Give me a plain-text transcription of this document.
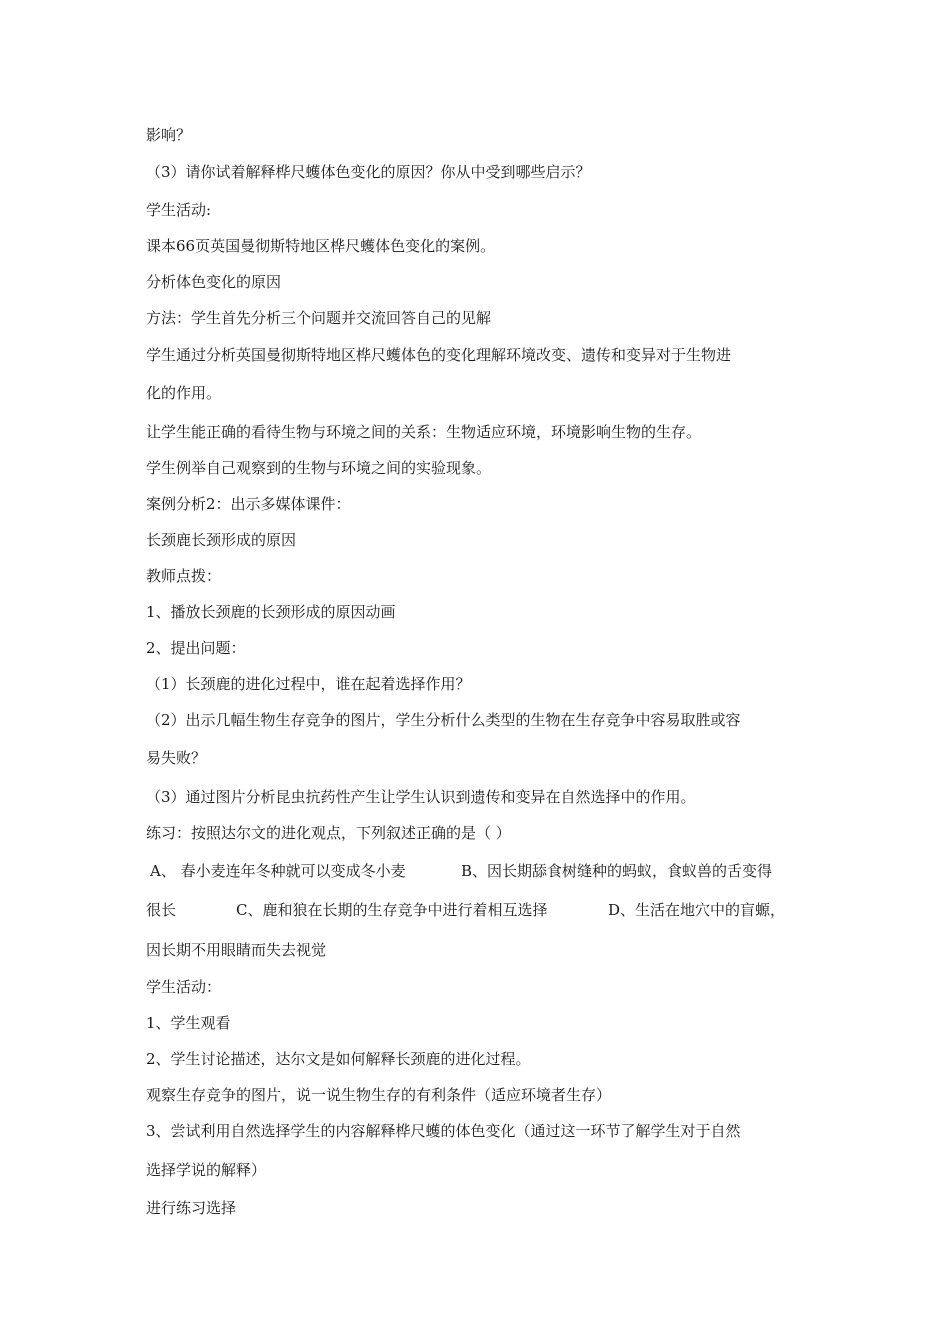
影响？
（3）请你试着解释桦尺蠖体色变化的原因？你从中受到哪些启示？
学生活动:
课本66页英国曼彻斯特地区桦尺蠖体色变化的案例。
分析体色变化的原因
方法：学生首先分析三个问题并交流回答自己的见解
学生通过分析英国曼彻斯特地区桦尺蠖体色的变化理解环境改变、遗传和变异对于生物进
化的作用。
让学生能正确的看待生物与环境之间的关系：生物适应环境，环境影响生物的生存。
学生例举自己观察到的生物与环境之间的实验现象。
案例分析2：出示多媒体课件：
长颈鹿长颈形成的原因
教师点拨：
1、播放长颈鹿的长颈形成的原因动画
2、提出问题：
（1）长颈鹿的进化过程中，谁在起着选择作用？
（2）出示几幅生物生存竞争的图片，学生分析什么类型的生物在生存竞争中容易取胜或容
易失败？
（3）通过图片分析昆虫抗药性产生让学生认识到遗传和变异在自然选择中的作用。
练习：按照达尔文的进化观点，下列叙述正确的是（ ）
A、 春小麦连年冬种就可以变成冬小麦	B、因长期舔食树缝种的蚂蚁，食蚁兽的舌变得
很长	C、鹿和狼在长期的生存竞争中进行着相互选择	D、生活在地穴中的盲螈，
因长期不用眼睛而失去视觉
学生活动：
1、学生观看
2、学生讨论描述，达尔文是如何解释长颈鹿的进化过程。
观察生存竞争的图片，说一说生物生存的有利条件（适应环境者生存）
3、尝试利用自然选择学生的内容解释桦尺蠖的体色变化（通过这一环节了解学生对于自然
选择学说的解释）
进行练习选择
